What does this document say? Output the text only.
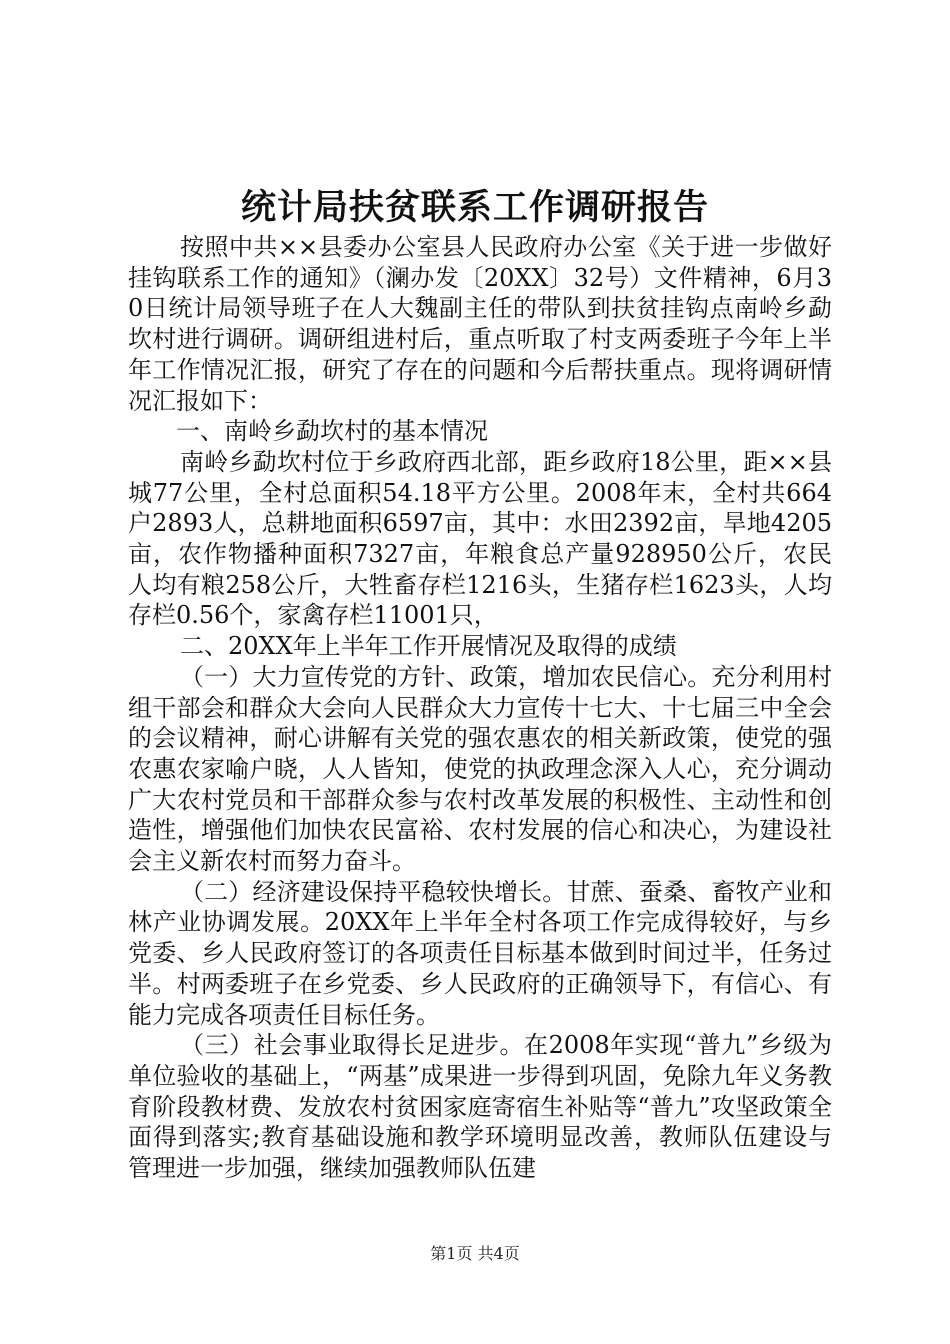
统计局扶贫联系工作调研报告

按照中共××县委办公室县人民政府办公室《关于进一步做好挂钩联系工作的通知》（澜办发〔20XX〕32号）文件精神，6月30日统计局领导班子在人大魏副主任的带队到扶贫挂钩点南岭乡勐坎村进行调研。调研组进村后，重点听取了村支两委班子今年上半年工作情况汇报，研究了存在的问题和今后帮扶重点。现将调研情况汇报如下：

一、南岭乡勐坎村的基本情况

南岭乡勐坎村位于乡政府西北部，距乡政府18公里，距××县城77公里，全村总面积54.18平方公里。2008年末，全村共664户2893人，总耕地面积6597亩，其中：水田2392亩，旱地4205亩，农作物播种面积7327亩，年粮食总产量928950公斤，农民人均有粮258公斤，大牲畜存栏1216头，生猪存栏1623头，人均存栏0.56个，家禽存栏11001只，

二、20XX年上半年工作开展情况及取得的成绩

（一）大力宣传党的方针、政策，增加农民信心。充分利用村组干部会和群众大会向人民群众大力宣传十七大、十七届三中全会的会议精神，耐心讲解有关党的强农惠农的相关新政策，使党的强农惠农家喻户晓，人人皆知，使党的执政理念深入人心，充分调动广大农村党员和干部群众参与农村改革发展的积极性、主动性和创造性，增强他们加快农民富裕、农村发展的信心和决心，为建设社会主义新农村而努力奋斗。

（二）经济建设保持平稳较快增长。甘蔗、蚕桑、畜牧产业和林产业协调发展。20XX年上半年全村各项工作完成得较好，与乡党委、乡人民政府签订的各项责任目标基本做到时间过半，任务过半。村两委班子在乡党委、乡人民政府的正确领导下，有信心、有能力完成各项责任目标任务。

（三）社会事业取得长足进步。在2008年实现“普九”乡级为单位验收的基础上，“两基”成果进一步得到巩固，免除九年义务教育阶段教材费、发放农村贫困家庭寄宿生补贴等“普九”攻坚政策全面得到落实;教育基础设施和教学环境明显改善，教师队伍建设与管理进一步加强，继续加强教师队伍建

第1页 共4页
